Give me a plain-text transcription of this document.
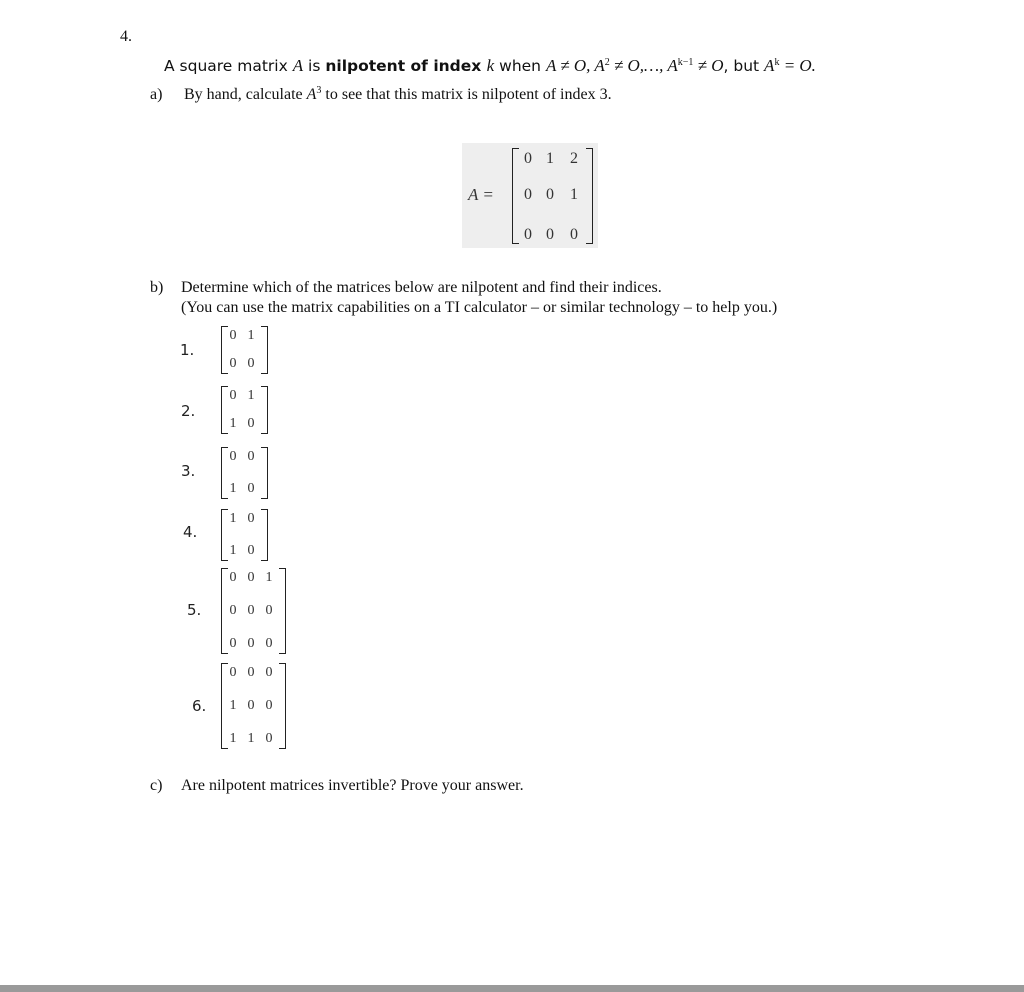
4.
A square matrix A is nilpotent of index k when A ≠ O, $A^2$ ≠ O,…, $A^{k-1} \ne O$, but $A^k = O$.
a) By hand, calculate $A^3$ to see that this matrix is nilpotent of index 3.
A =
0 1 2
0 0 1
0 0 0
b) Determine which of the matrices below are nilpotent and find their indices.
(You can use the matrix capabilities on a TI calculator – or similar technology – to help you.)
1.
0 1
0 0
2.
0 1
1 0
3.
0 0
1 0
4.
1 0
1 0
5.
0 0 1
0 0 0
0 0 0
6.
0 0 0
1 0 0
1 1 0
c) Are nilpotent matrices invertible? Prove your answer.
